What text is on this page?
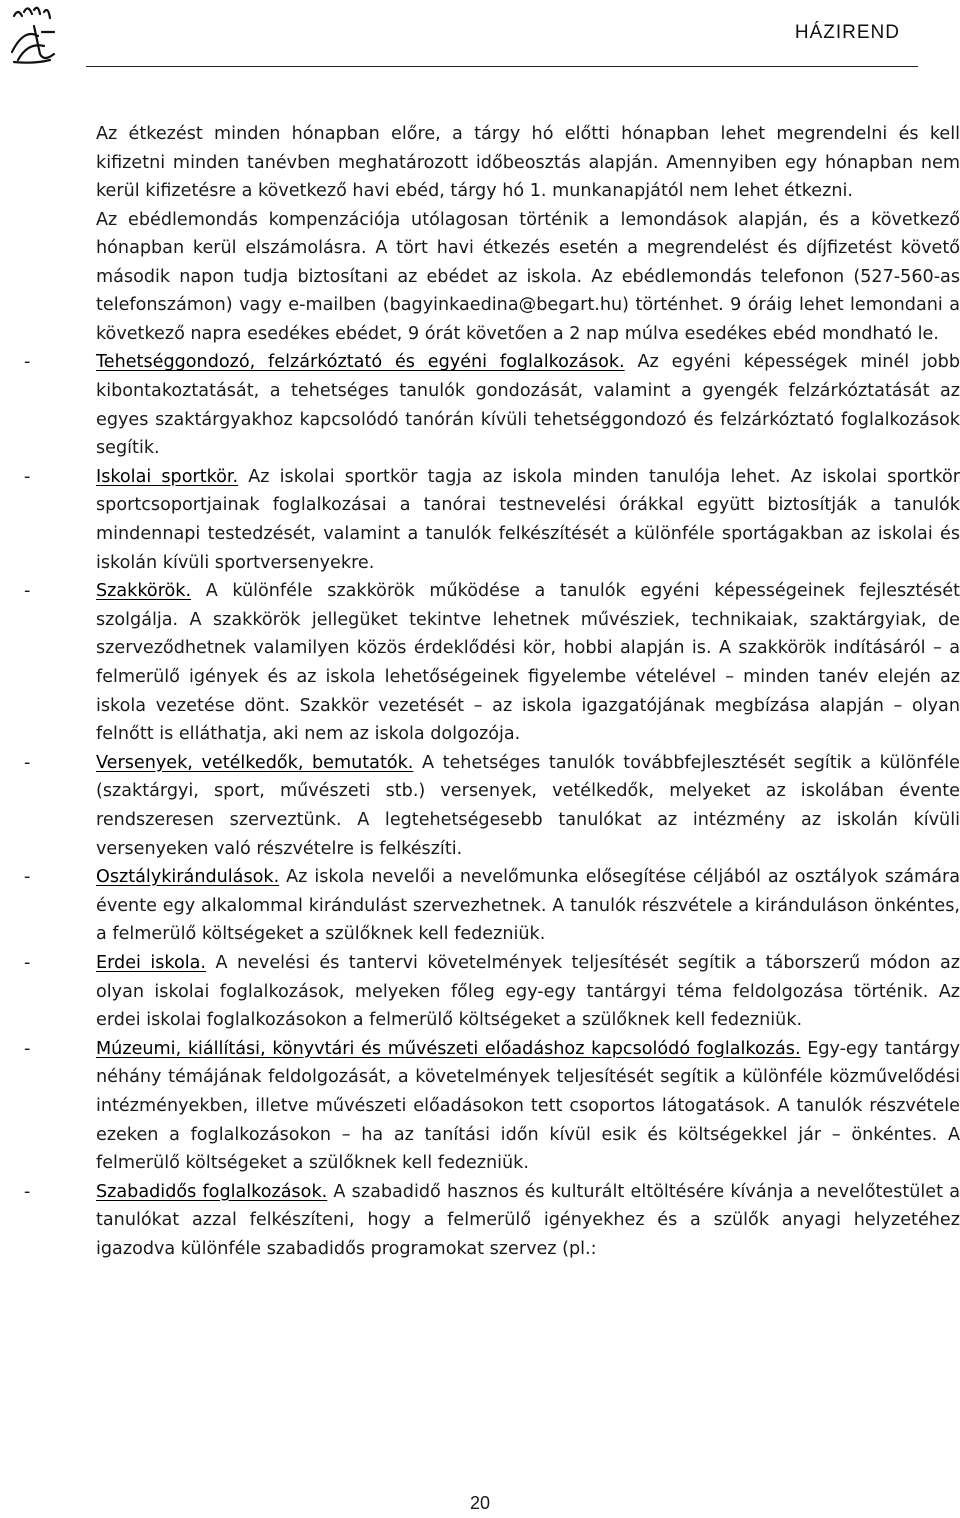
HÁZIREND

Az étkezést minden hónapban előre, a tárgy hó előtti hónapban lehet megrendelni és kell kifizetni minden tanévben meghatározott időbeosztás alapján. Amennyiben egy hónapban nem kerül kifizetésre a következő havi ebéd, tárgy hó 1. munkanapjától nem lehet étkezni.

Az ebédlemondás kompenzációja utólagosan történik a lemondások alapján, és a következő hónapban kerül elszámolásra. A tört havi étkezés esetén a megrendelést és díjfizetést követő második napon tudja biztosítani az ebédet az iskola. Az ebédlemondás telefonon (527-560-as telefonszámon) vagy e-mailben (bagyinkaedina@begart.hu) történhet. 9 óráig lehet lemondani a következő napra esedékes ebédet, 9 órát követően a 2 nap múlva esedékes ebéd mondható le.

-	Tehetséggondozó, felzárkóztató és egyéni foglalkozások. Az egyéni képességek minél jobb kibontakoztatását, a tehetséges tanulók gondozását, valamint a gyengék felzárkóztatását az egyes szaktárgyakhoz kapcsolódó tanórán kívüli tehetséggondozó és felzárkóztató foglalkozások segítik.
-	Iskolai sportkör. Az iskolai sportkör tagja az iskola minden tanulója lehet. Az iskolai sportkör sportcsoportjainak foglalkozásai a tanórai testnevelési órákkal együtt biztosítják a tanulók mindennapi testedzését, valamint a tanulók felkészítését a különféle sportágakban az iskolai és iskolán kívüli sportversenyekre.
-	Szakkörök. A különféle szakkörök működése a tanulók egyéni képességeinek fejlesztését szolgálja. A szakkörök jellegüket tekintve lehetnek művésziek, technikaiak, szaktárgyiak, de szerveződhetnek valamilyen közös érdeklődési kör, hobbi alapján is. A szakkörök indításáról – a felmerülő igények és az iskola lehetőségeinek figyelembe vételével – minden tanév elején az iskola vezetése dönt. Szakkör vezetését – az iskola igazgatójának megbízása alapján – olyan felnőtt is elláthatja, aki nem az iskola dolgozója.
-	Versenyek, vetélkedők, bemutatók. A tehetséges tanulók továbbfejlesztését segítik a különféle (szaktárgyi, sport, művészeti stb.) versenyek, vetélkedők, melyeket az iskolában évente rendszeresen szerveztünk. A legtehetségesebb tanulókat az intézmény az iskolán kívüli versenyeken való részvételre is felkészíti.
-	Osztálykirándulások. Az iskola nevelői a nevelőmunka elősegítése céljából az osztályok számára évente egy alkalommal kirándulást szervezhetnek. A tanulók részvétele a kiránduláson önkéntes, a felmerülő költségeket a szülőknek kell fedezniük.
-	Erdei iskola. A nevelési és tantervi követelmények teljesítését segítik a táborszerű módon az olyan iskolai foglalkozások, melyeken főleg egy-egy tantárgyi téma feldolgozása történik. Az erdei iskolai foglalkozásokon a felmerülő költségeket a szülőknek kell fedezniük.
-	Múzeumi, kiállítási, könyvtári és művészeti előadáshoz kapcsolódó foglalkozás. Egy-egy tantárgy néhány témájának feldolgozását, a követelmények teljesítését segítik a különféle közművelődési intézményekben, illetve művészeti előadásokon tett csoportos látogatások. A tanulók részvétele ezeken a foglalkozásokon – ha az tanítási időn kívül esik és költségekkel jár – önkéntes. A felmerülő költségeket a szülőknek kell fedezniük.
-	Szabadidős foglalkozások. A szabadidő hasznos és kulturált eltöltésére kívánja a nevelőtestület a tanulókat azzal felkészíteni, hogy a felmerülő igényekhez és a szülők anyagi helyzetéhez igazodva különféle szabadidős programokat szervez (pl.:
20
